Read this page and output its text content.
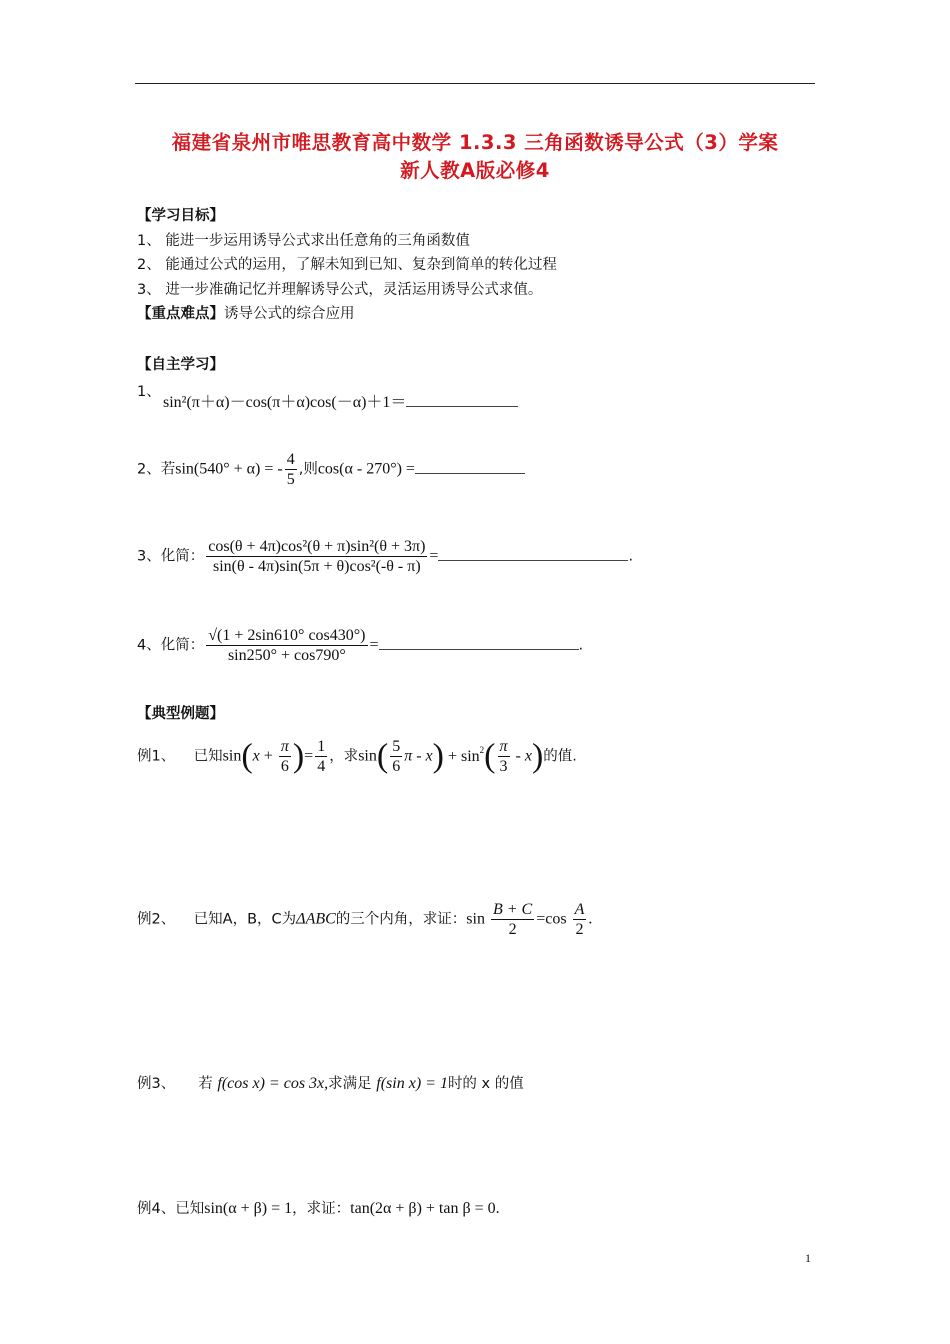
福建省泉州市唯思教育高中数学 1.3.3 三角函数诱导公式（3）学案
新人教A版必修4
【学习目标】
1、 能进一步运用诱导公式求出任意角的三角函数值
2、 能通过公式的运用，了解未知到已知、复杂到简单的转化过程
3、 进一步准确记忆并理解诱导公式，灵活运用诱导公式求值。
【重点难点】诱导公式的综合应用
【自主学习】
1、
sin²(π＋α)－cos(π＋α)cos(－α)＋1＝
2、若sin(540° + α) = - $\frac{4}{5}$ ,则cos(α - 270°) =
3、化简： $\frac{\text{cos(θ + 4π)cos²(θ + π)sin²(θ + 3π)}}{\text{sin(θ - 4π)sin(5π + θ)cos²(-θ - π)}}$ =	.
4、化简： $\frac{√(1 + 2\sin 610^\circ \cos 430^\circ)}{\sin 250^\circ + \cos 790^\circ}$ =	.
【典型例题】
例1、 已知$\sin(x + \frac{\pi}{6}$ )= $\frac{1}{4}$ ，求$\sin( \frac{5}{6}$ $\pi - x) + \sin^2( \frac{\pi}{3} - x)$的值.
例2、 已知A，B，C为ΔABC的三个内角，求证：$\sin \frac{B + C}{2} =\cos \frac{A}{2}$ .
例3、 若 f(cos x) = cos 3x,求满足 f(sin x) = 1时的 x 的值
例4、已知sin(α + β) = 1，求证：tan(2α + β) + tan β = 0.
1
